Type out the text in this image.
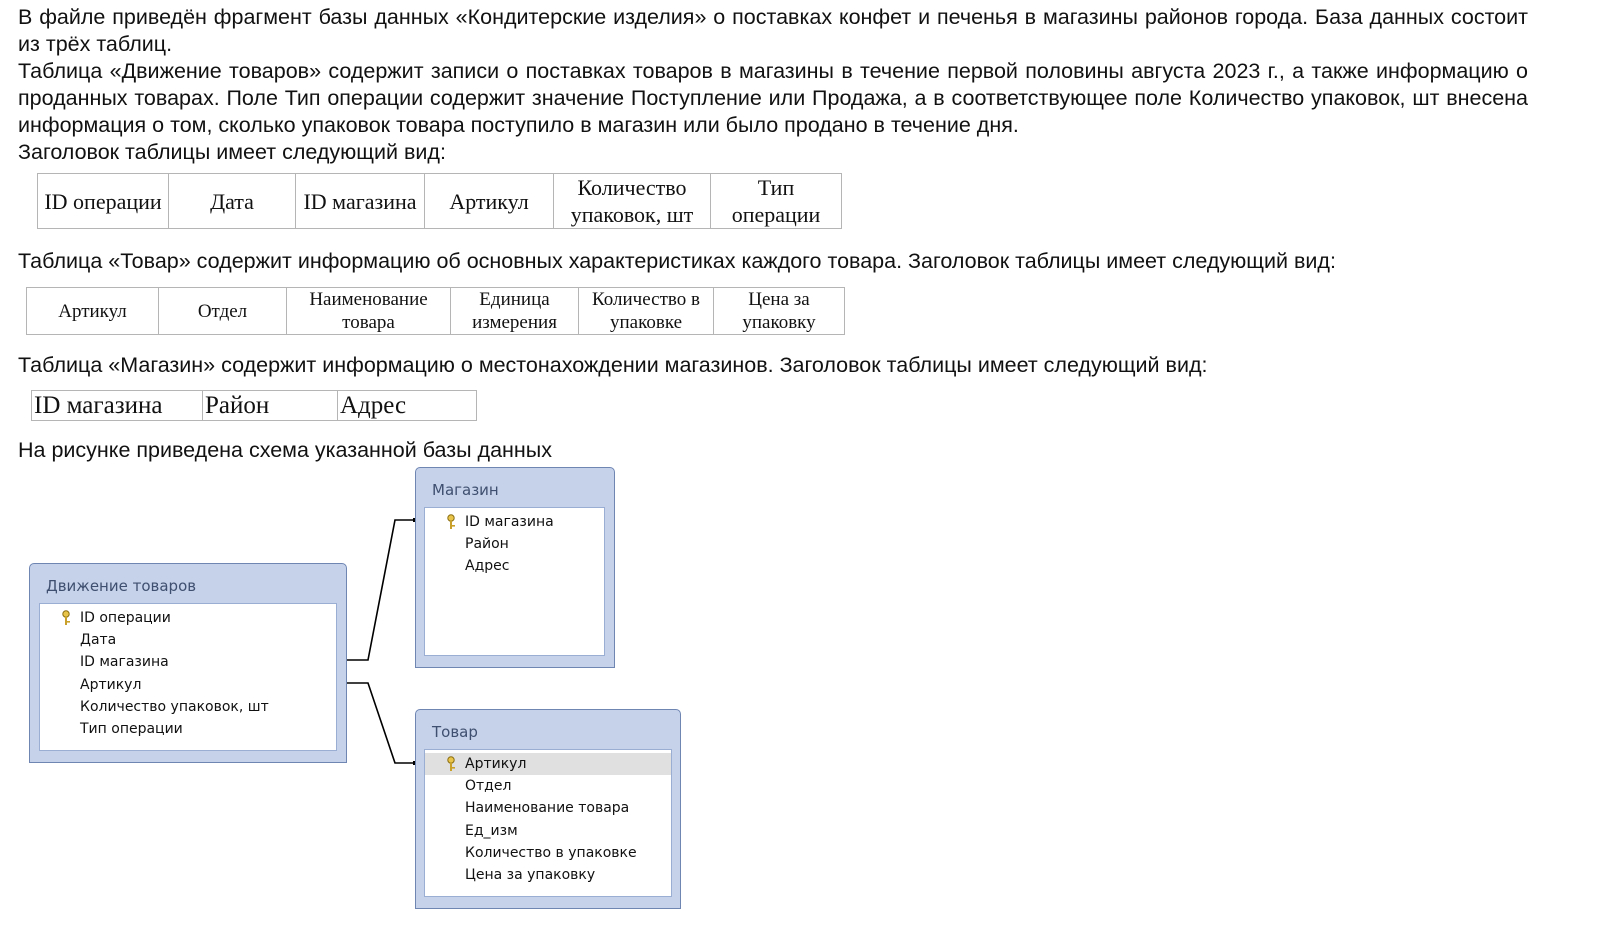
В файле приведён фрагмент базы данных «Кондитерские изделия» о поставках конфет и печенья в магазины районов города. База данных состоит из трёх таблиц.

Таблица «Движение товаров» содержит записи о поставках товаров в магазины в течение первой половины августа 2023 г., а также информацию о проданных товарах. Поле Тип операции содержит значение Поступление или Продажа, а в соответствующее поле Количество упаковок, шт внесена информация о том, сколько упаковок товара поступило в магазин или было продано в течение дня.

Заголовок таблицы имеет следующий вид:

ID операции	Дата	ID магазина	Артикул	Количество
упаковок, шт	Тип
операции

Таблица «Товар» содержит информацию об основных характеристиках каждого товара. Заголовок таблицы имеет следующий вид:

Артикул	Отдел	Наименование
товара	Единица
измерения	Количество в
упаковке	Цена за
упаковку

Таблица «Магазин» содержит информацию о местонахождении магазинов. Заголовок таблицы имеет следующий вид:

ID магазина	Район	Адрес

На рисунке приведена схема указанной базы данных

Магазин
ID магазина
Район
Адрес
Движение товаров
ID операции
Дата
ID магазина
Артикул
Количество упаковок, шт
Тип операции	Товар
Артикул
Отдел
Наименование товара
Ед_изм
Количество в упаковке
Цена за упаковку
